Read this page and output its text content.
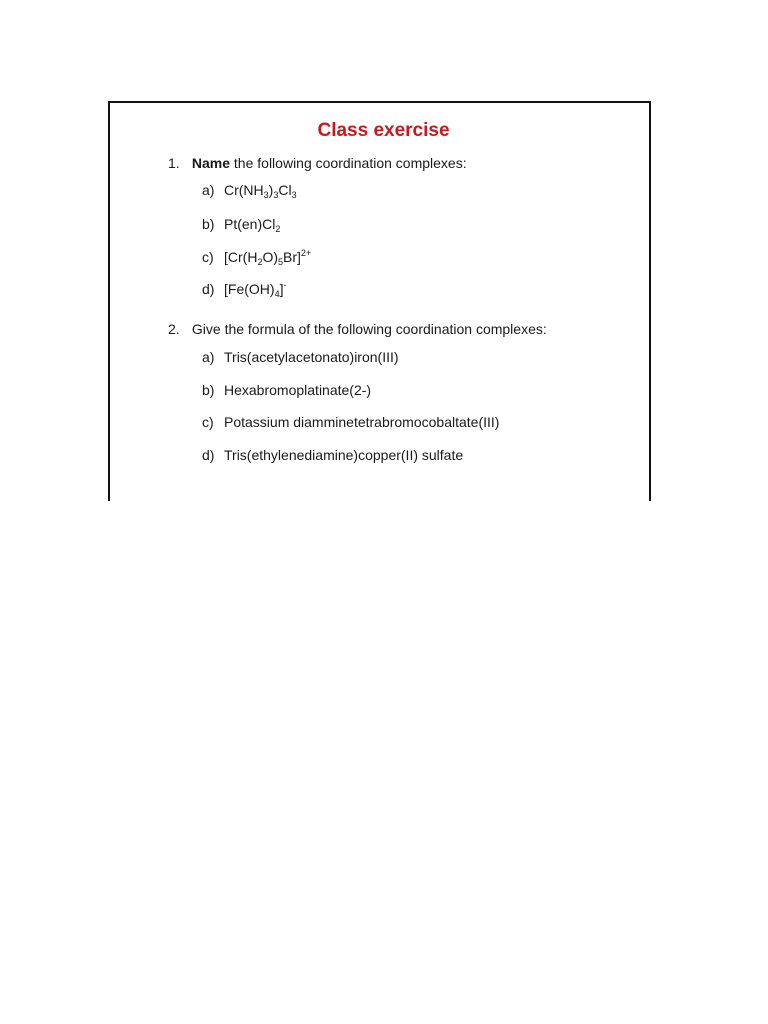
Class exercise

1. Name the following coordination complexes:

a) $Cr(NH_3)_3Cl_3$
b) $Pt(en)Cl_2$
c) $[Cr(H_2O)_5Br]^{2+}$
d) $[Fe(OH)_4]^-$

2. Give the formula of the following coordination complexes:

a) Tris(acetylacetonato)iron(III)
b) Hexabromoplatinate(2-)
c) Potassium diamminetetrabromocobaltate(III)
d) Tris(ethylenediamine)copper(II) sulfate
